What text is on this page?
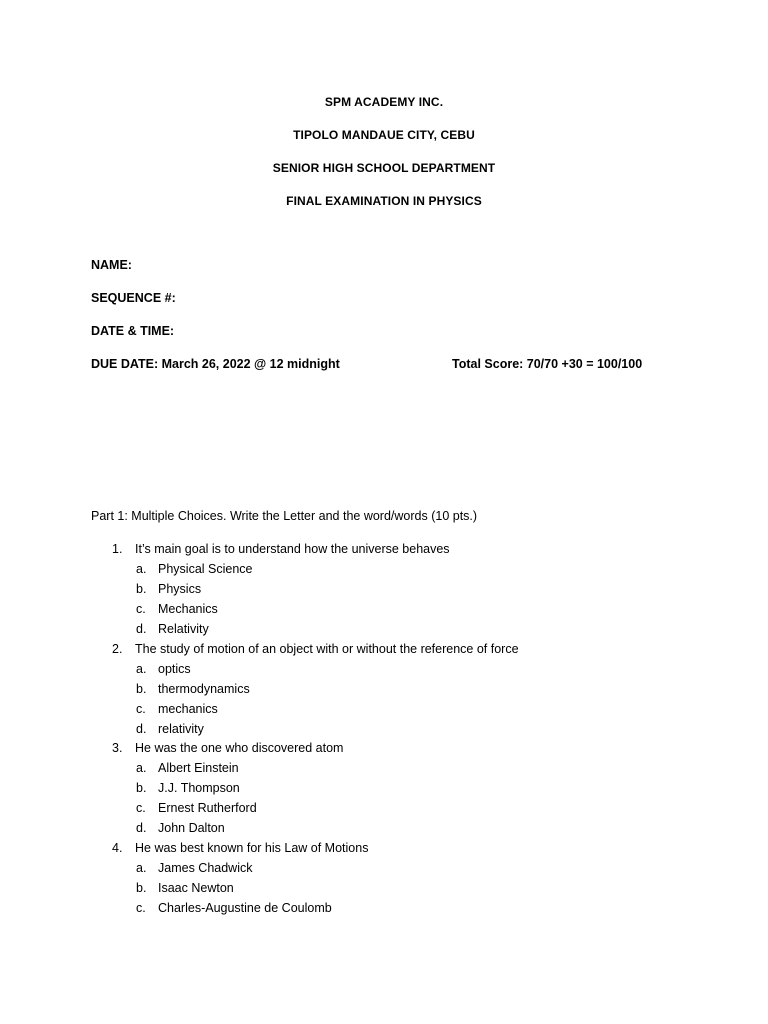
SPM ACADEMY INC.
TIPOLO MANDAUE CITY, CEBU
SENIOR HIGH SCHOOL DEPARTMENT
FINAL EXAMINATION IN PHYSICS
NAME:
SEQUENCE #:
DATE & TIME:
DUE DATE: March 26, 2022 @ 12 midnight	Total Score: 70/70 +30 = 100/100
Part 1: Multiple Choices. Write the Letter and the word/words (10 pts.)
1.	It’s main goal is to understand how the universe behaves
a. Physical Science
b. Physics
c. Mechanics
d. Relativity
2.	The study of motion of an object with or without the reference of force
a. optics
b. thermodynamics
c. mechanics
d. relativity
3.	He was the one who discovered atom
a. Albert Einstein
b. J.J. Thompson
c. Ernest Rutherford
d. John Dalton
4.	He was best known for his Law of Motions
a. James Chadwick
b. Isaac Newton
c. Charles-Augustine de Coulomb
